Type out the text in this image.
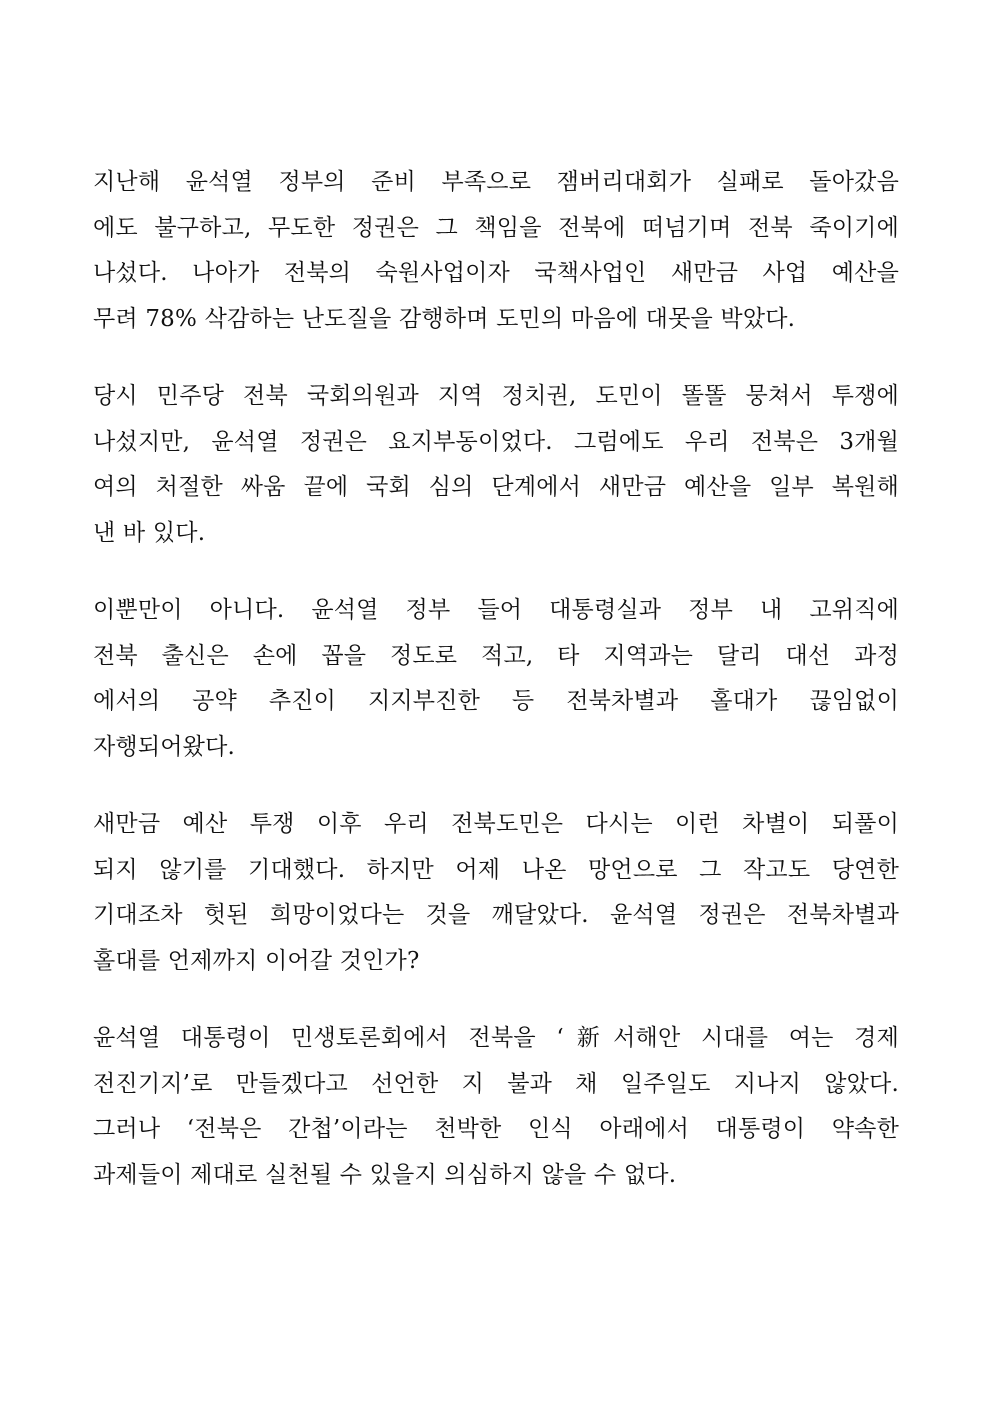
지난해 윤석열 정부의 준비 부족으로 잼버리대회가 실패로 돌아갔음
에도 불구하고, 무도한 정권은 그 책임을 전북에 떠넘기며 전북 죽이기에
나섰다. 나아가 전북의 숙원사업이자 국책사업인 새만금 사업 예산을
무려 78% 삭감하는 난도질을 감행하며 도민의 마음에 대못을 박았다.
당시 민주당 전북 국회의원과 지역 정치권, 도민이 똘똘 뭉쳐서 투쟁에
나섰지만, 윤석열 정권은 요지부동이었다. 그럼에도 우리 전북은 3개월
여의 처절한 싸움 끝에 국회 심의 단계에서 새만금 예산을 일부 복원해
낸 바 있다.
이뿐만이 아니다. 윤석열 정부 들어 대통령실과 정부 내 고위직에
전북 출신은 손에 꼽을 정도로 적고, 타 지역과는 달리 대선 과정
에서의 공약 추진이 지지부진한 등 전북차별과 홀대가 끊임없이
자행되어왔다.
새만금 예산 투쟁 이후 우리 전북도민은 다시는 이런 차별이 되풀이
되지 않기를 기대했다. 하지만 어제 나온 망언으로 그 작고도 당연한
기대조차 헛된 희망이었다는 것을 깨달았다. 윤석열 정권은 전북차별과
홀대를 언제까지 이어갈 것인가?
윤석열 대통령이 민생토론회에서 전북을 ‘新서해안 시대를 여는 경제
전진기지’로 만들겠다고 선언한 지 불과 채 일주일도 지나지 않았다.
그러나 ‘전북은 간첩’이라는 천박한 인식 아래에서 대통령이 약속한
과제들이 제대로 실천될 수 있을지 의심하지 않을 수 없다.
